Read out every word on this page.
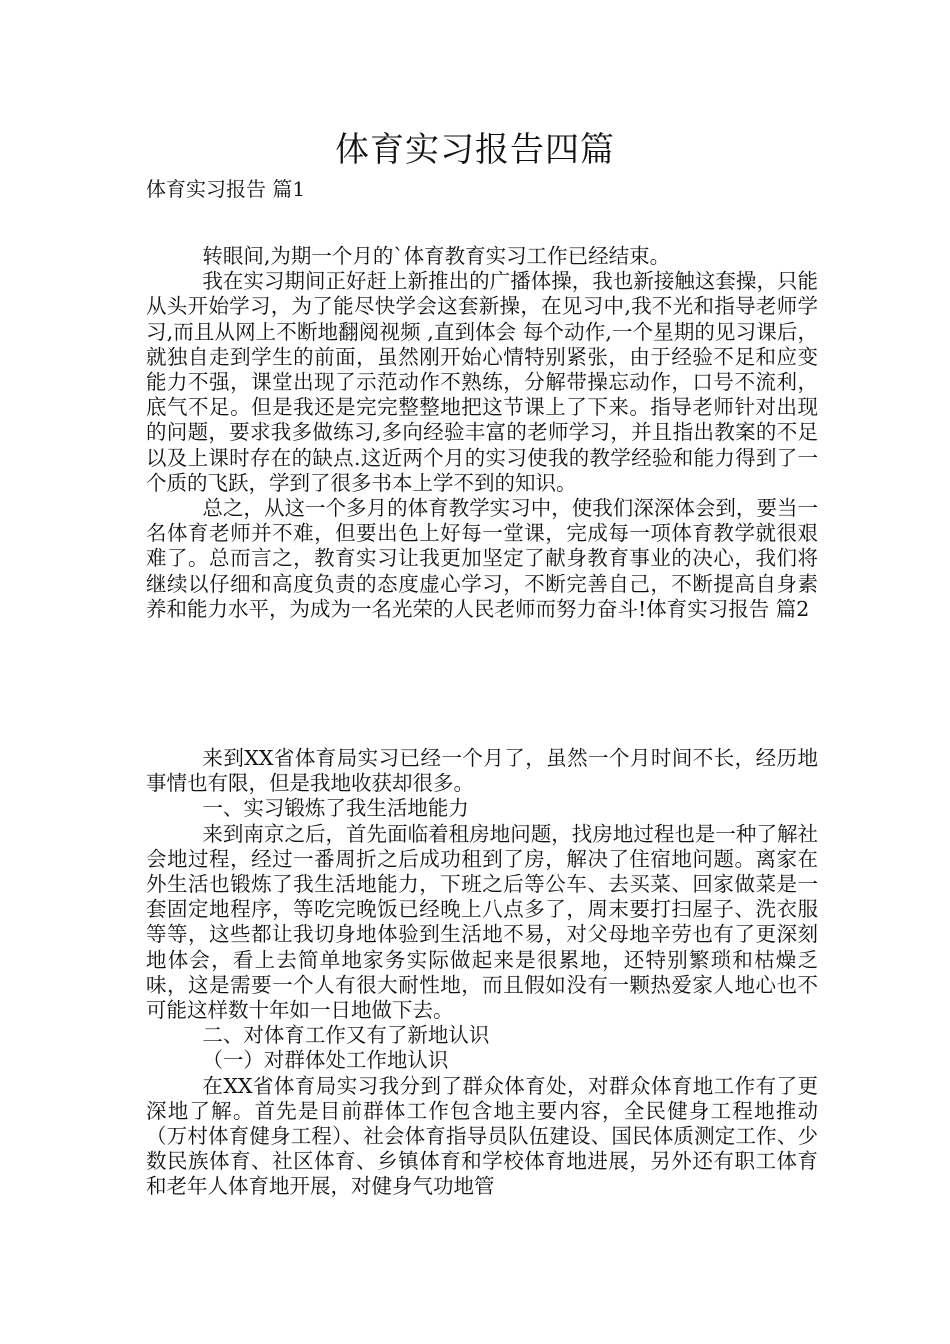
体育实习报告四篇
体育实习报告 篇1

转眼间,为期一个月的`体育教育实习工作已经结束。

我在实习期间正好赶上新推出的广播体操，我也新接触这套操，只能从头开始学习，为了能尽快学会这套新操，在见习中,我不光和指导老师学习,而且从网上不断地翻阅视频 ,直到体会 每个动作,一个星期的见习课后，就独自走到学生的前面，虽然刚开始心情特别紧张，由于经验不足和应变能力不强，课堂出现了示范动作不熟练，分解带操忘动作，口号不流利，底气不足。但是我还是完完整整地把这节课上了下来。指导老师针对出现的问题，要求我多做练习,多向经验丰富的老师学习，并且指出教案的不足以及上课时存在的缺点.这近两个月的实习使我的教学经验和能力得到了一个质的飞跃，学到了很多书本上学不到的知识。

总之，从这一个多月的体育教学实习中，使我们深深体会到，要当一名体育老师并不难，但要出色上好每一堂课，完成每一项体育教学就很艰难了。总而言之，教育实习让我更加坚定了献身教育事业的决心，我们将继续以仔细和高度负责的态度虚心学习，不断完善自己，不断提高自身素养和能力水平，为成为一名光荣的人民老师而努力奋斗!体育实习报告 篇2

来到XX省体育局实习已经一个月了，虽然一个月时间不长，经历地事情也有限，但是我地收获却很多。

一、实习锻炼了我生活地能力

来到南京之后，首先面临着租房地问题，找房地过程也是一种了解社会地过程，经过一番周折之后成功租到了房，解决了住宿地问题。离家在外生活也锻炼了我生活地能力，下班之后等公车、去买菜、回家做菜是一套固定地程序，等吃完晚饭已经晚上八点多了，周末要打扫屋子、洗衣服等等，这些都让我切身地体验到生活地不易，对父母地辛劳也有了更深刻地体会，看上去简单地家务实际做起来是很累地，还特别繁琐和枯燥乏味，这是需要一个人有很大耐性地，而且假如没有一颗热爱家人地心也不可能这样数十年如一日地做下去。

二、对体育工作又有了新地认识

（一）对群体处工作地认识

在XX省体育局实习我分到了群众体育处，对群众体育地工作有了更深地了解。首先是目前群体工作包含地主要内容，全民健身工程地推动（万村体育健身工程）、社会体育指导员队伍建设、国民体质测定工作、少数民族体育、社区体育、乡镇体育和学校体育地进展，另外还有职工体育和老年人体育地开展，对健身气功地管
